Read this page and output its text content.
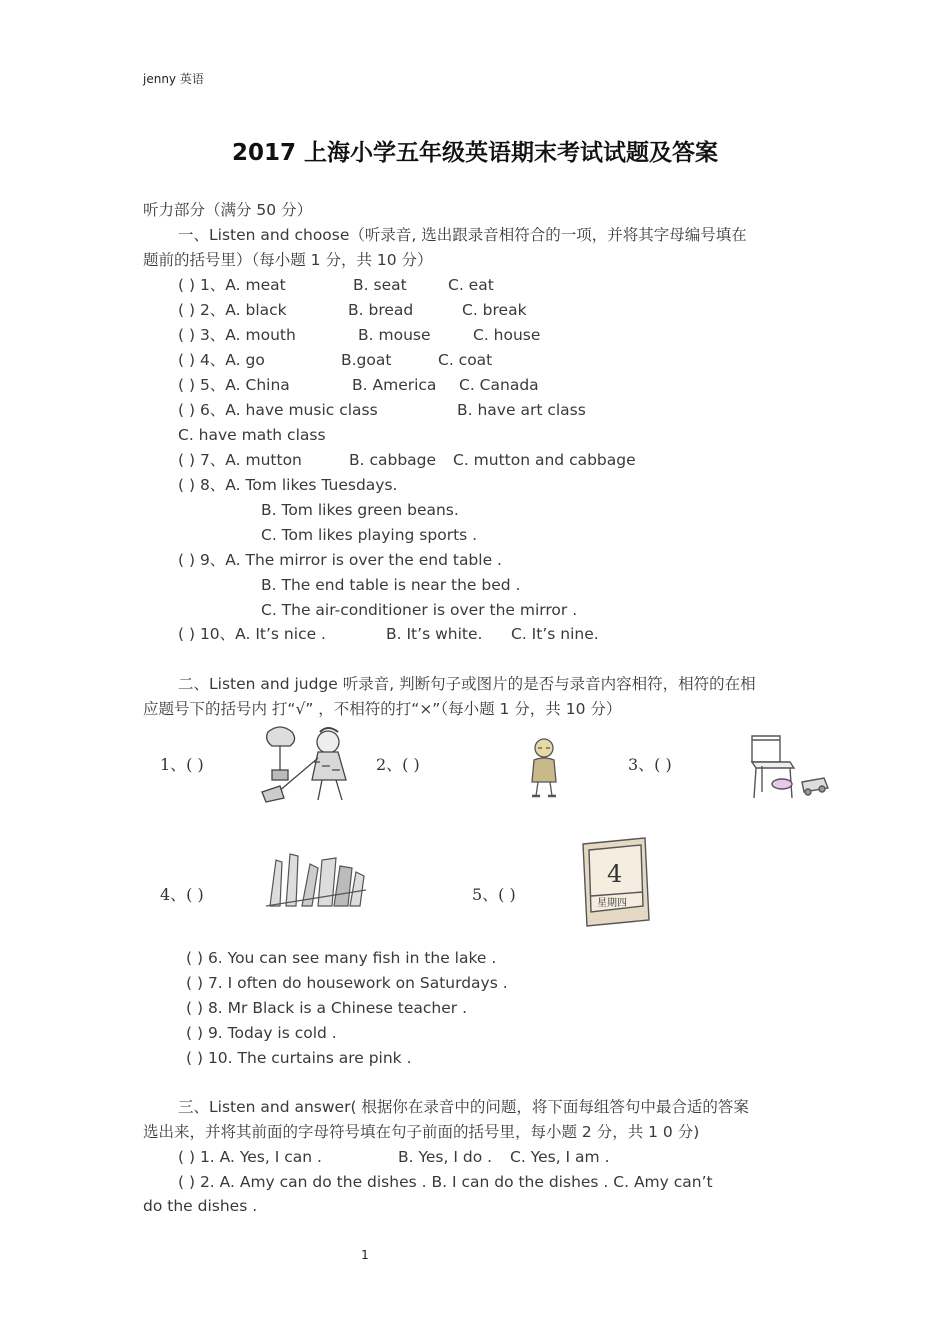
jenny 英语
2017 上海小学五年级英语期末考试试题及答案
听力部分（满分 50 分）
一、Listen and choose（听录音, 选出跟录音相符合的一项，并将其字母编号填在
题前的括号里）（每小题 1 分，共 10 分）
( ) 1、A. meat	B. seat	C. eat
( ) 2、A. black	B. bread	C. break
( ) 3、A. mouth	B. mouse	C. house
( ) 4、A. go	B.goat	C. coat
( ) 5、A. China	B. America C. Canada
( ) 6、A. have music class	B. have art class
C. have math class
( ) 7、A. mutton	B. cabbage C. mutton and cabbage
( ) 8、A. Tom likes Tuesdays.
B. Tom likes green beans.
C. Tom likes playing sports .
( ) 9、A. The mirror is over the end table .
B. The end table is near the bed .
C. The air-conditioner is over the mirror .
( ) 10、A. It’s nice .	B. It’s white. C. It’s nine.
二、Listen and judge 听录音, 判断句子或图片的是否与录音内容相符，相符的在相
应题号下的括号内 打“√” ，不相符的打“×”（每小题 1 分，共 10 分）
1、( )	2、( )	3、( )
4、( )	5、( )
4
星期四
( ) 6. You can see many fish in the lake .
( ) 7. I often do housework on Saturdays .
( ) 8. Mr Black is a Chinese teacher .
( ) 9. Today is cold .
( ) 10. The curtains are pink .
三、Listen and answer( 根据你在录音中的问题，将下面每组答句中最合适的答案
选出来，并将其前面的字母符号填在句子前面的括号里，每小题 2 分，共 1 0 分)
( ) 1. A. Yes, I can .	B. Yes, I do . C. Yes, I am .
( ) 2. A. Amy can do the dishes . B. I can do the dishes . C. Amy can’t
do the dishes .
1
